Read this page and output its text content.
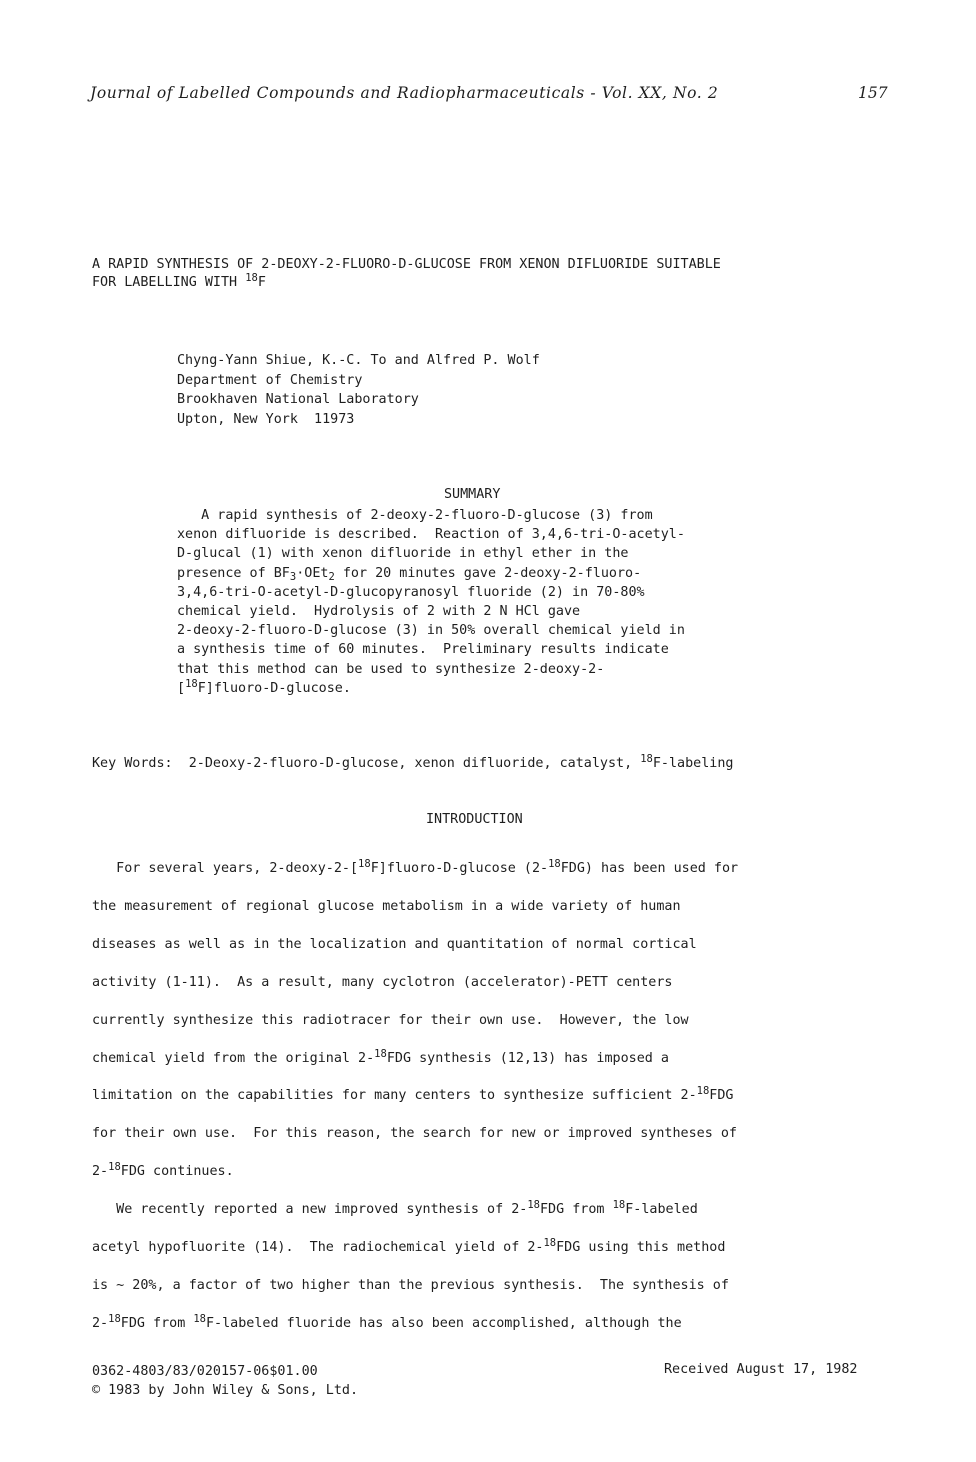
Journal of Labelled Compounds and Radiopharmaceuticals - Vol. XX, No. 2	157
A RAPID SYNTHESIS OF 2-DEOXY-2-FLUORO-D-GLUCOSE FROM XENON DIFLUORIDE SUITABLE
FOR LABELLING WITH $^{18}$F
Chyng-Yann Shiue, K.-C. To and Alfred P. Wolf
Department of Chemistry
Brookhaven National Laboratory
Upton, New York  11973
SUMMARY
A rapid synthesis of 2-deoxy-2-fluoro-D-glucose (3) from
xenon difluoride is described.  Reaction of 3,4,6-tri-O-acetyl-
D-glucal (1) with xenon difluoride in ethyl ether in the
presence of $BF_3\cdot OEt_2$ for 20 minutes gave 2-deoxy-2-fluoro-
3,4,6-tri-O-acetyl-D-glucopyranosyl fluoride (2) in 70-80%
chemical yield.  Hydrolysis of 2 with 2 N HCl gave
2-deoxy-2-fluoro-D-glucose (3) in 50% overall chemical yield in
a synthesis time of 60 minutes.  Preliminary results indicate
that this method can be used to synthesize 2-deoxy-2-
[$^{18}$F]fluoro-D-glucose.
Key Words: 2-Deoxy-2-fluoro-D-glucose, xenon difluoride, catalyst, $^{18}$F-labeling
INTRODUCTION
For several years, 2-deoxy-2-[$^{18}$F]fluoro-D-glucose (2-$^{18}$FDG) has been used for
the measurement of regional glucose metabolism in a wide variety of human
diseases as well as in the localization and quantitation of normal cortical
activity (1-11).  As a result, many cyclotron (accelerator)-PETT centers
currently synthesize this radiotracer for their own use.  However, the low
chemical yield from the original 2-$^{18}$FDG synthesis (12,13) has imposed a
limitation on the capabilities for many centers to synthesize sufficient 2-$^{18}$FDG
for their own use.  For this reason, the search for new or improved syntheses of
2-$^{18}$FDG continues.
We recently reported a new improved synthesis of 2-$^{18}$FDG from $^{18}$F-labeled
acetyl hypofluorite (14).  The radiochemical yield of 2-$^{18}$FDG using this method
is ~ 20%, a factor of two higher than the previous synthesis.  The synthesis of
2-$^{18}$FDG from $^{18}$F-labeled fluoride has also been accomplished, although the
0362-4803/83/020157-06$01.00
© 1983 by John Wiley & Sons, Ltd.
Received August 17, 1982
